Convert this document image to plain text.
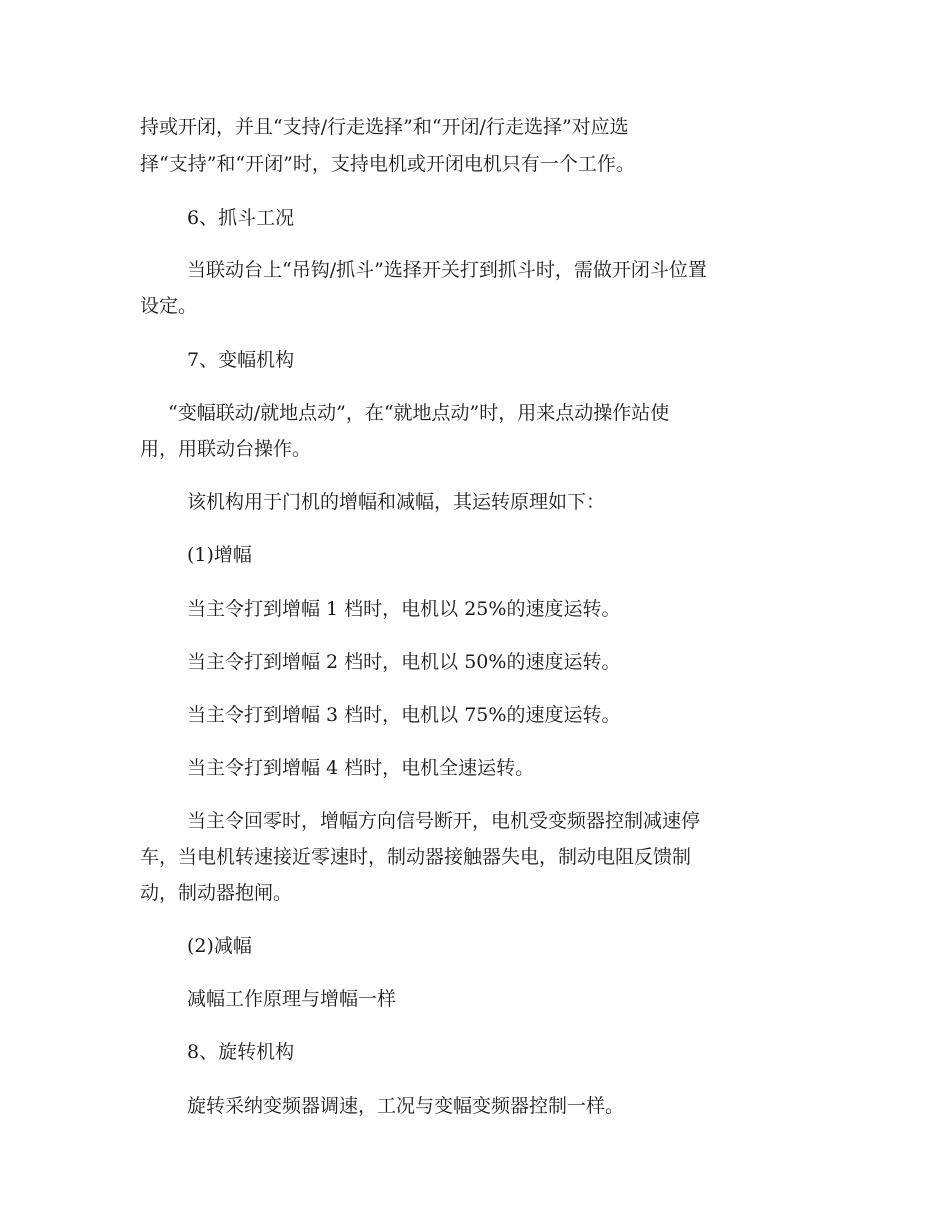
持或开闭，并且“支持/行走选择”和“开闭/行走选择”对应选
择“支持”和“开闭”时，支持电机或开闭电机只有一个工作。
6、抓斗工况
当联动台上“吊钩/抓斗”选择开关打到抓斗时，需做开闭斗位置
设定。
7、变幅机构
“变幅联动/就地点动”，在“就地点动”时，用来点动操作站使
用，用联动台操作。
该机构用于门机的增幅和减幅，其运转原理如下：
(1)增幅
当主令打到增幅 1 档时，电机以 25%的速度运转。
当主令打到增幅 2 档时，电机以 50%的速度运转。
当主令打到增幅 3 档时，电机以 75%的速度运转。
当主令打到增幅 4 档时，电机全速运转。
当主令回零时，增幅方向信号断开，电机受变频器控制减速停
车，当电机转速接近零速时，制动器接触器失电，制动电阻反馈制
动，制动器抱闸。
(2)减幅
减幅工作原理与增幅一样
8、旋转机构
旋转采纳变频器调速，工况与变幅变频器控制一样。
